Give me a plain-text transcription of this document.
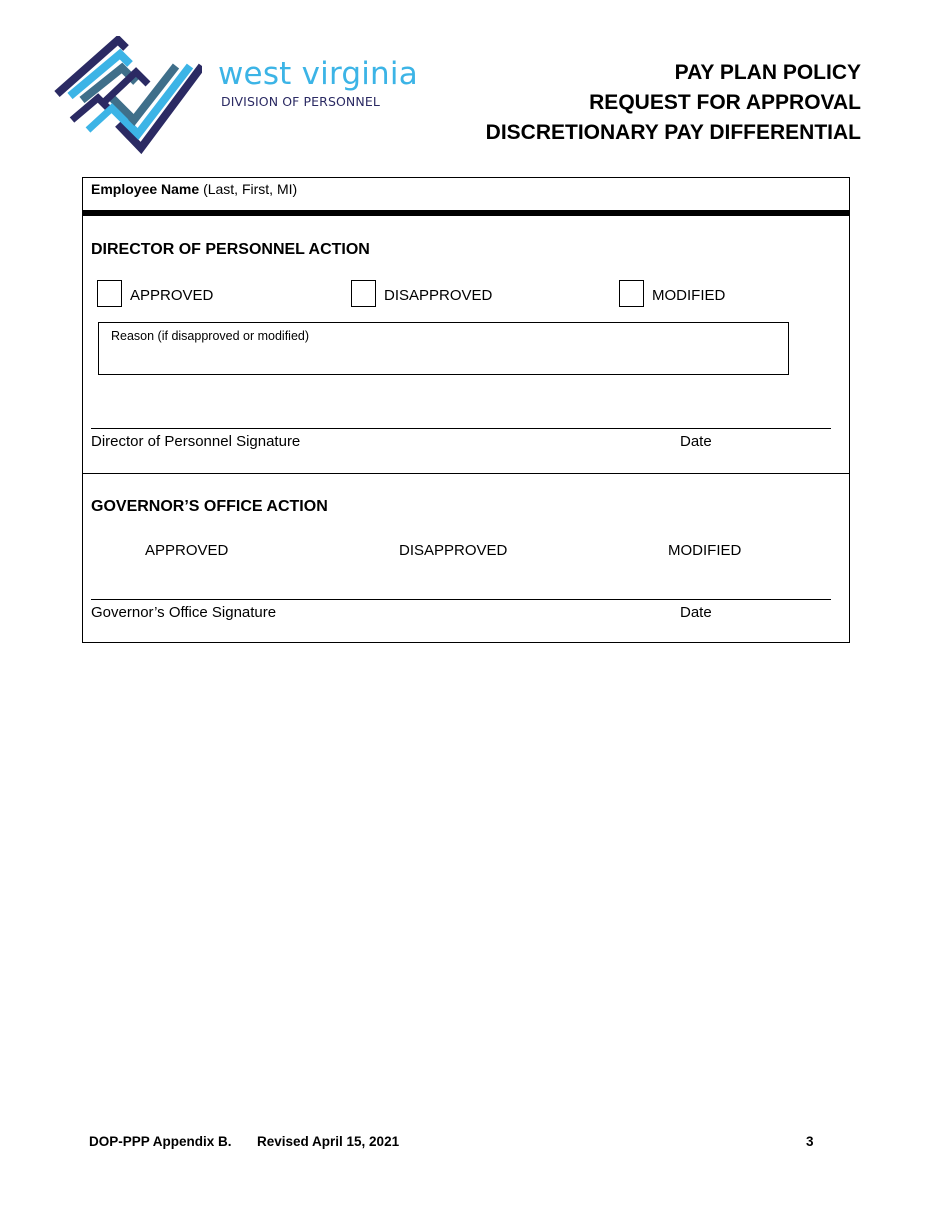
west virginia
DIVISION OF PERSONNEL
PAY PLAN POLICY
REQUEST FOR APPROVAL
DISCRETIONARY PAY DIFFERENTIAL
Employee Name (Last, First, MI)
DIRECTOR OF PERSONNEL ACTION
APPROVED	DISAPPROVED	MODIFIED
Reason (if disapproved or modified)
Director of Personnel Signature	Date
GOVERNOR’S OFFICE ACTION
APPROVED	DISAPPROVED	MODIFIED
Governor’s Office Signature	Date
DOP-PPP Appendix B. Revised April 15, 2021	3
